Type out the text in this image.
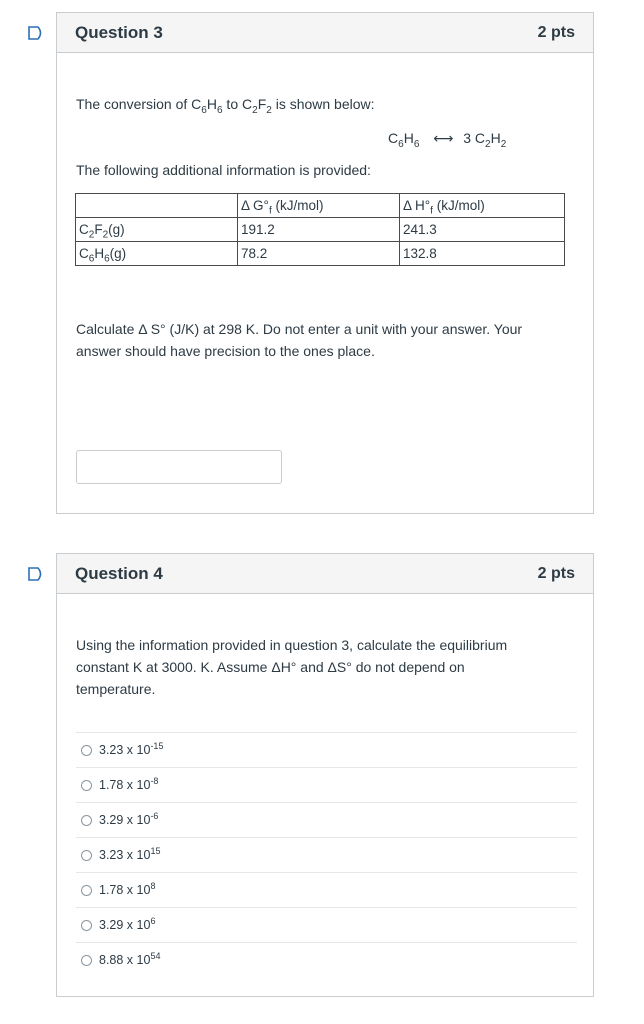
Question 3	2 pts
The conversion of $C_6H_6$ to $C_2F_2$ is shown below:
$C_6H_6$ ⟷ 3 $C_2H_2$
The following additional information is provided:
	Δ $G^\circ_f$ (kJ/mol)	Δ $H^\circ_f$ (kJ/mol)
$C_2F_2(g)$	191.2	241.3
$C_6H_6(g)$	78.2	132.8
Calculate Δ S° (J/K) at 298 K. Do not enter a unit with your answer. Your
answer should have precision to the ones place.
Question 4	2 pts
Using the information provided in question 3, calculate the equilibrium
constant K at 3000. K. Assume ΔH° and ΔS° do not depend on
temperature.
3.23 x $10^{-15}$
1.78 x $10^{-8}$
3.29 x $10^{-6}$
3.23 x $10^{15}$
1.78 x $10^8$
3.29 x $10^6$
8.88 x $10^{54}$
